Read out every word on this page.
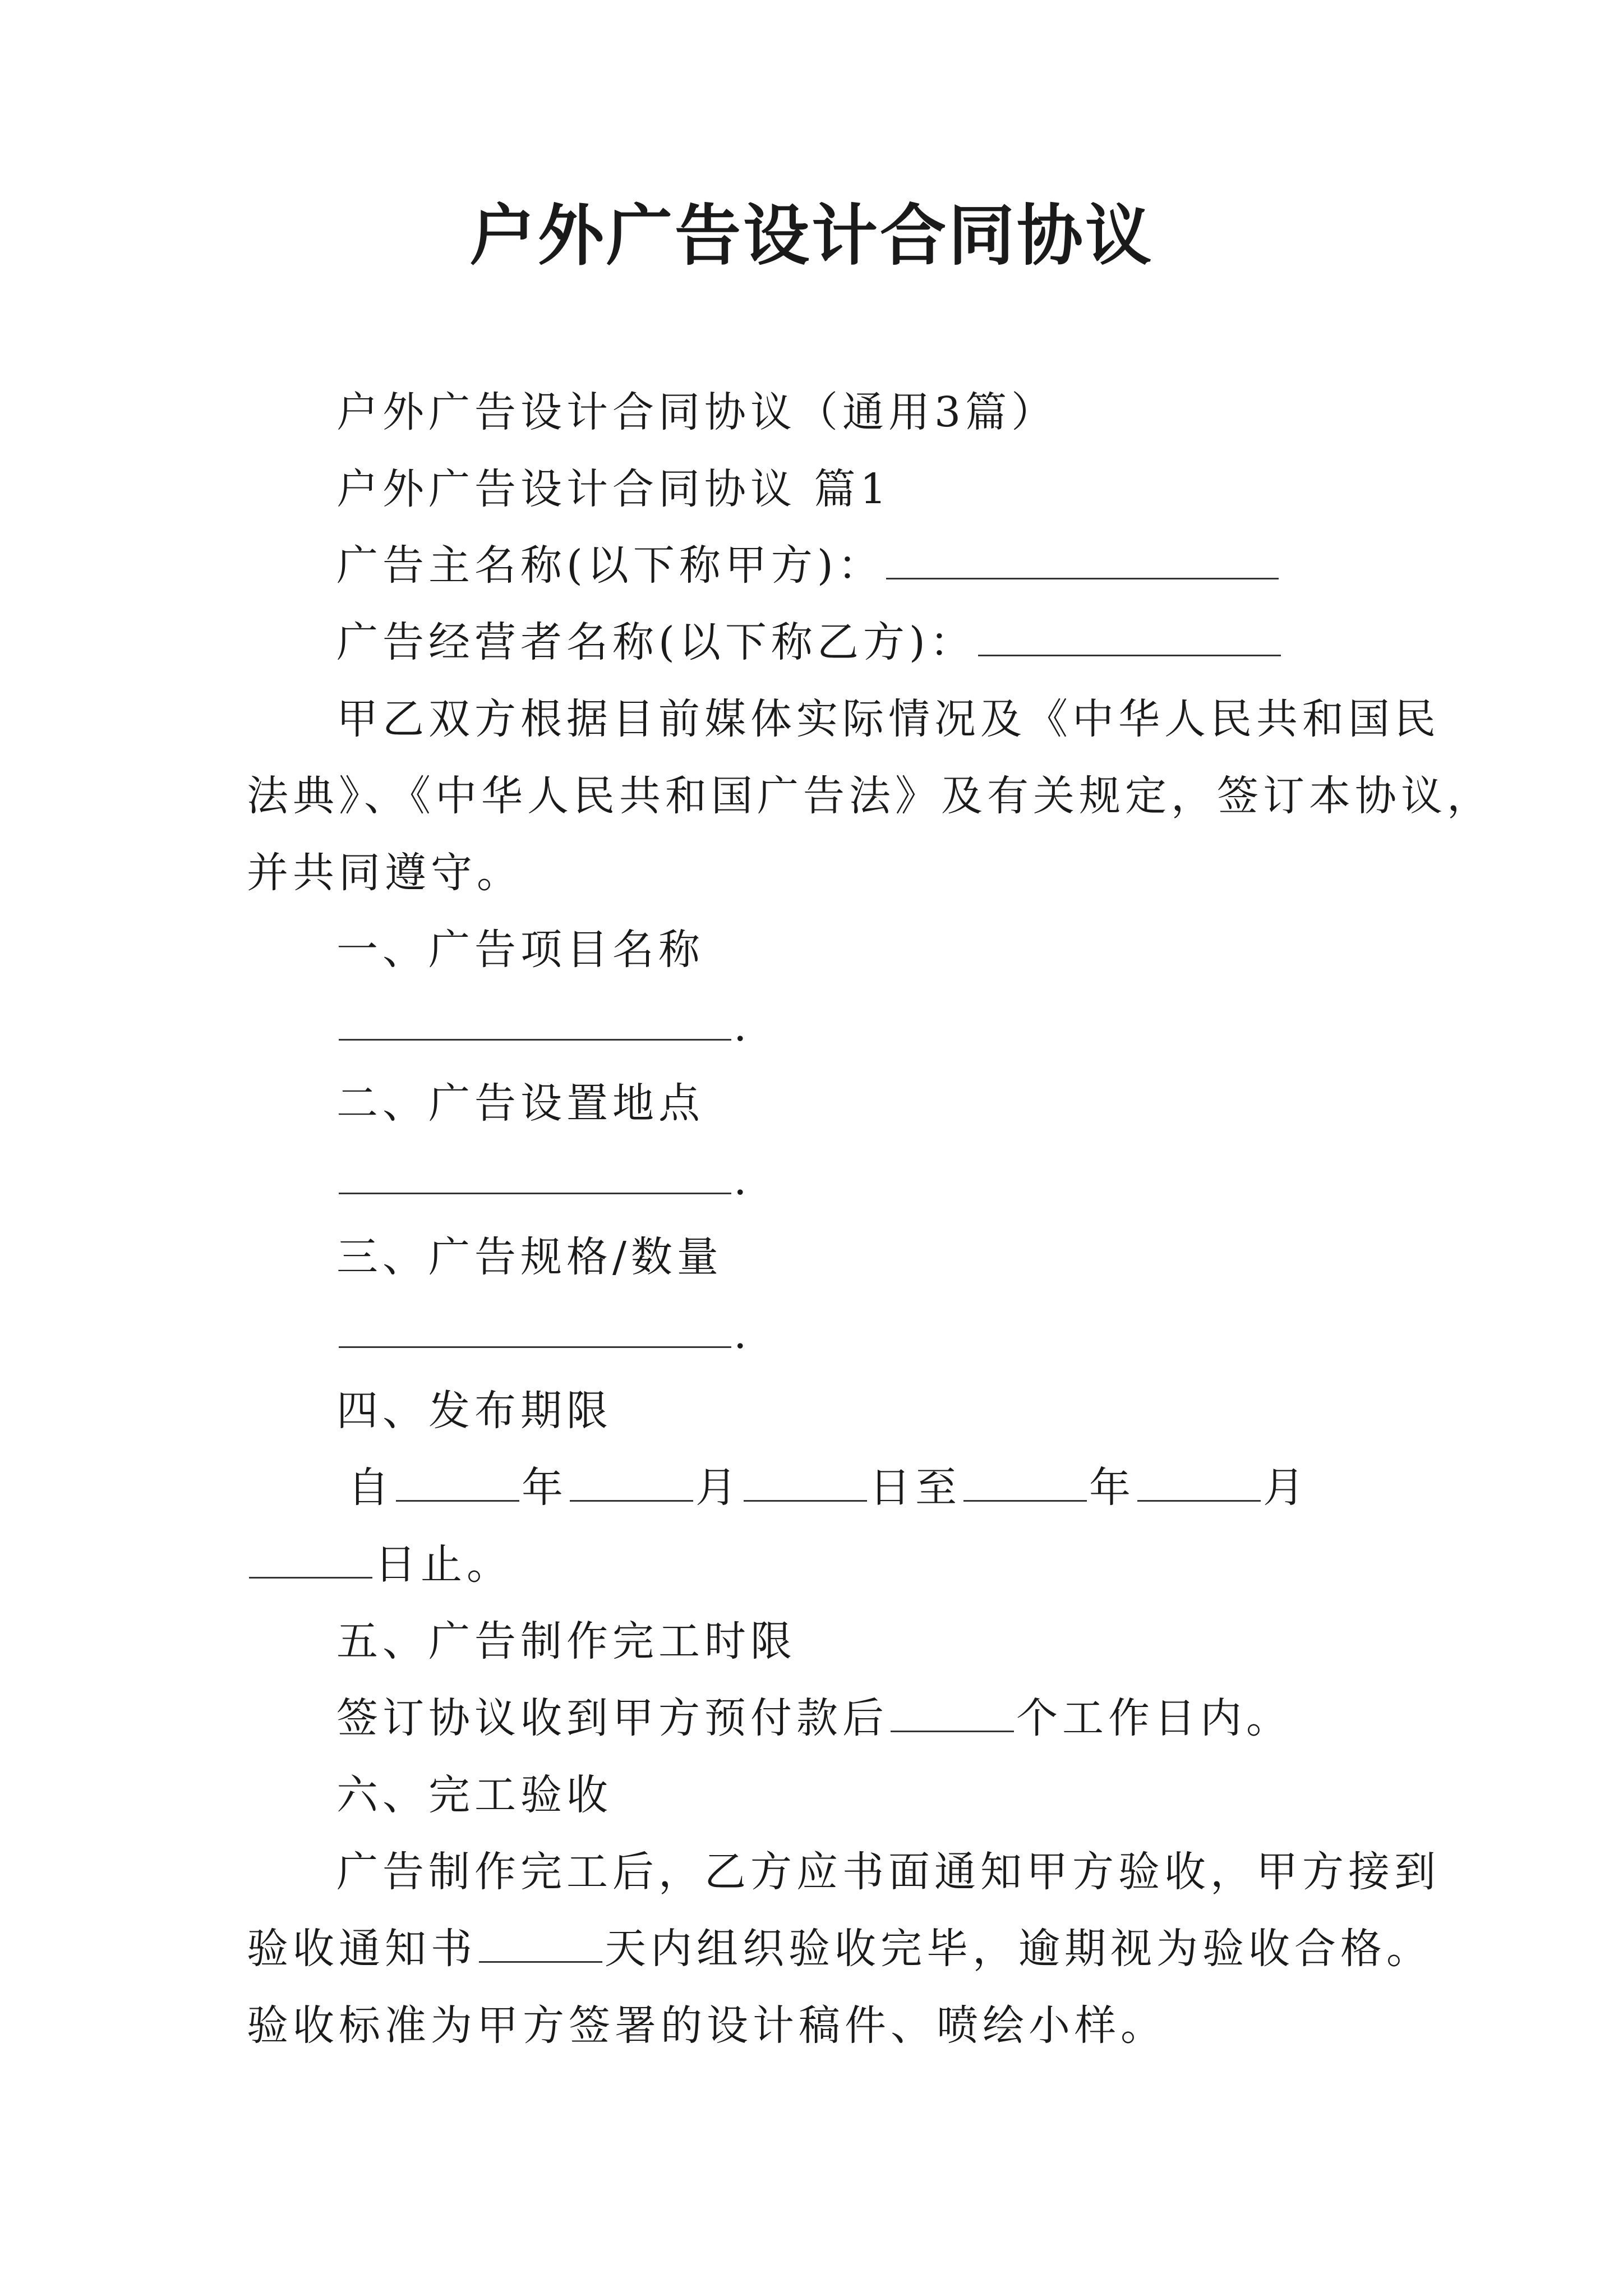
户外广告设计合同协议
户外广告设计合同协议（通用3篇）
户外广告设计合同协议 篇1
广告主名称(以下称甲方)：
广告经营者名称(以下称乙方)：
甲乙双方根据目前媒体实际情况及《中华人民共和国民
法典》、《中华人民共和国广告法》及有关规定，签订本协议，
并共同遵守。
一、广告项目名称
.
二、广告设置地点
.
三、广告规格/数量
.
四、发布期限
自	年	月	日至	年	月
日止。
五、广告制作完工时限
签订协议收到甲方预付款后	个工作日内。
六、完工验收
广告制作完工后，乙方应书面通知甲方验收，甲方接到
验收通知书	天内组织验收完毕，逾期视为验收合格。
验收标准为甲方签署的设计稿件、喷绘小样。
